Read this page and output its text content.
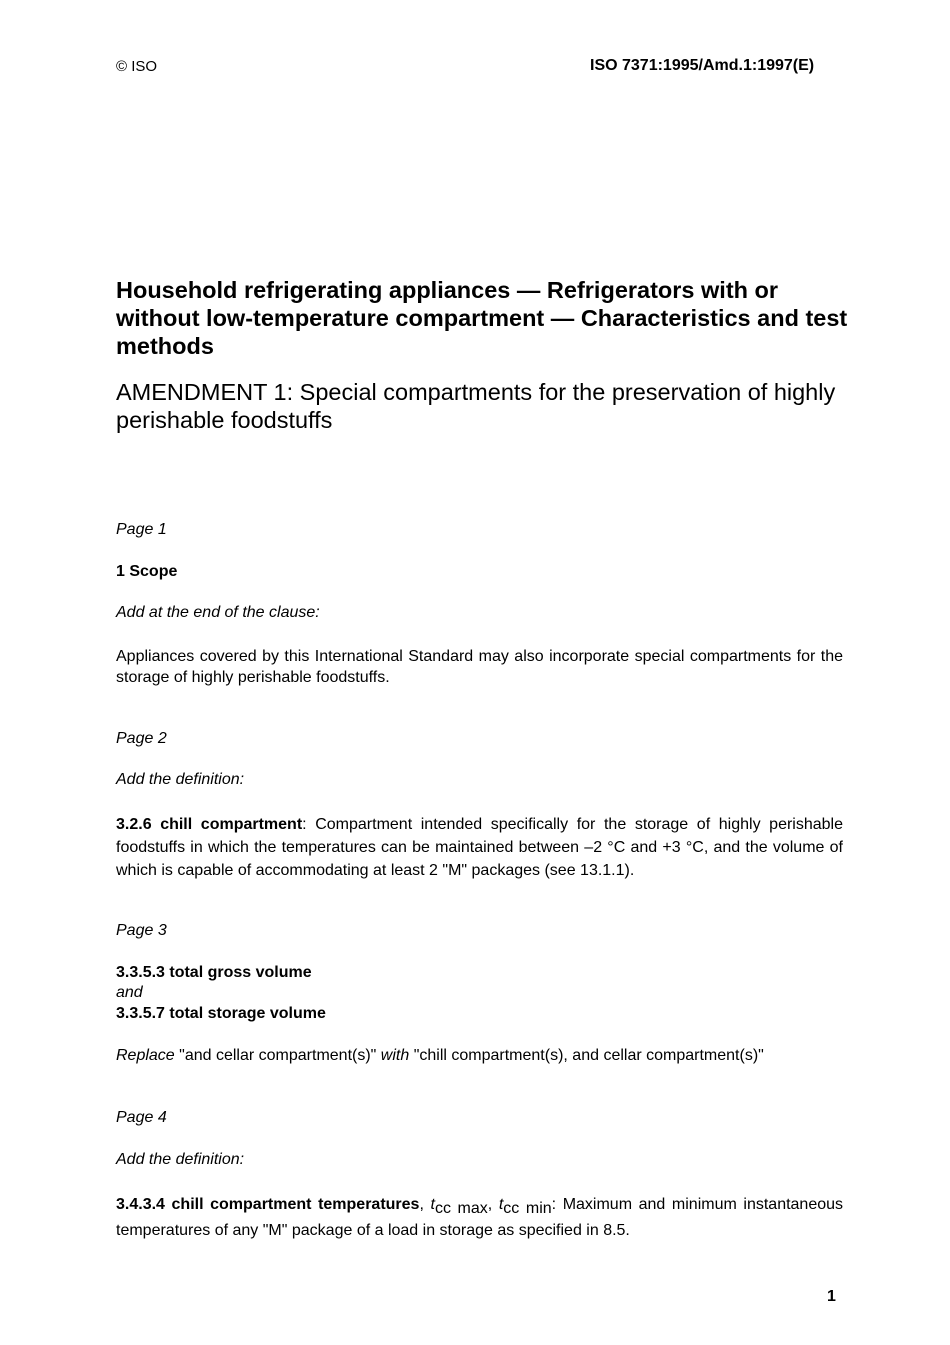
© ISO	ISO 7371:1995/Amd.1:1997(E)
Household refrigerating appliances — Refrigerators with or without low-temperature compartment — Characteristics and test methods
AMENDMENT 1: Special compartments for the preservation of highly perishable foodstuffs
Page 1
1 Scope
Add at the end of the clause:
Appliances covered by this International Standard may also incorporate special compartments for the storage of highly perishable foodstuffs.
Page 2
Add the definition:
3.2.6 chill compartment: Compartment intended specifically for the storage of highly perishable foodstuffs in which the temperatures can be maintained between –2 °C and +3 °C, and the volume of which is capable of accommodating at least 2 "M" packages (see 13.1.1).
Page 3
3.3.5.3 total gross volume
and
3.3.5.7 total storage volume
Replace "and cellar compartment(s)" with "chill compartment(s), and cellar compartment(s)"
Page 4
Add the definition:
3.4.3.4 chill compartment temperatures, $t_{cc max}$, $t_{cc min}$: Maximum and minimum instantaneous temperatures of any "M" package of a load in storage as specified in 8.5.
1
